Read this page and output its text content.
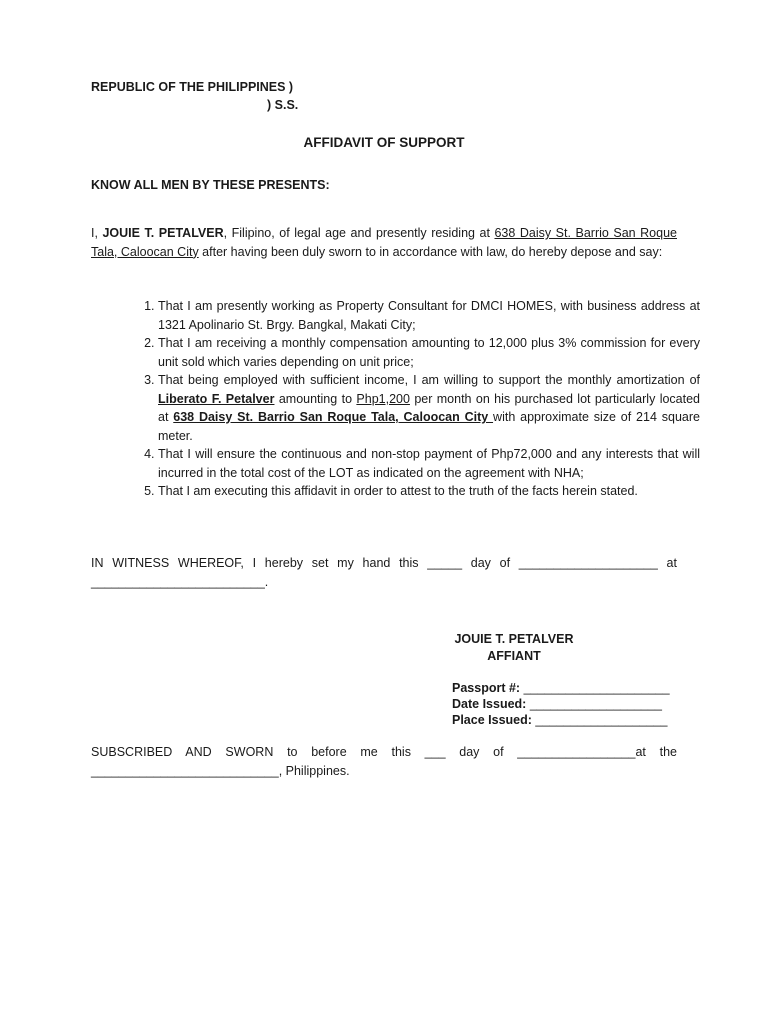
REPUBLIC OF THE PHILIPPINES )
) S.S.
AFFIDAVIT OF SUPPORT
KNOW ALL MEN BY THESE PRESENTS:
I, JOUIE T. PETALVER, Filipino, of legal age and presently residing at 638 Daisy St. Barrio San Roque Tala, Caloocan City after having been duly sworn to in accordance with law, do hereby depose and say:
1. That I am presently working as Property Consultant for DMCI HOMES, with business address at 1321 Apolinario St. Brgy. Bangkal, Makati City;
2. That I am receiving a monthly compensation amounting to 12,000 plus 3% commission for every unit sold which varies depending on unit price;
3. That being employed with sufficient income, I am willing to support the monthly amortization of Liberato F. Petalver amounting to Php1,200 per month on his purchased lot particularly located at 638 Daisy St. Barrio San Roque Tala, Caloocan City with approximate size of 214 square meter.
4. That I will ensure the continuous and non-stop payment of Php72,000 and any interests that will incurred in the total cost of the LOT as indicated on the agreement with NHA;
5. That I am executing this affidavit in order to attest to the truth of the facts herein stated.
IN WITNESS WHEREOF, I hereby set my hand this _____ day of ____________________ at
_________________________.
JOUIE T. PETALVER
AFFIANT
Passport #: _____________________
Date Issued: ___________________
Place Issued: ___________________
SUBSCRIBED AND SWORN to before me this ___ day of _________________at the
___________________________, Philippines.
